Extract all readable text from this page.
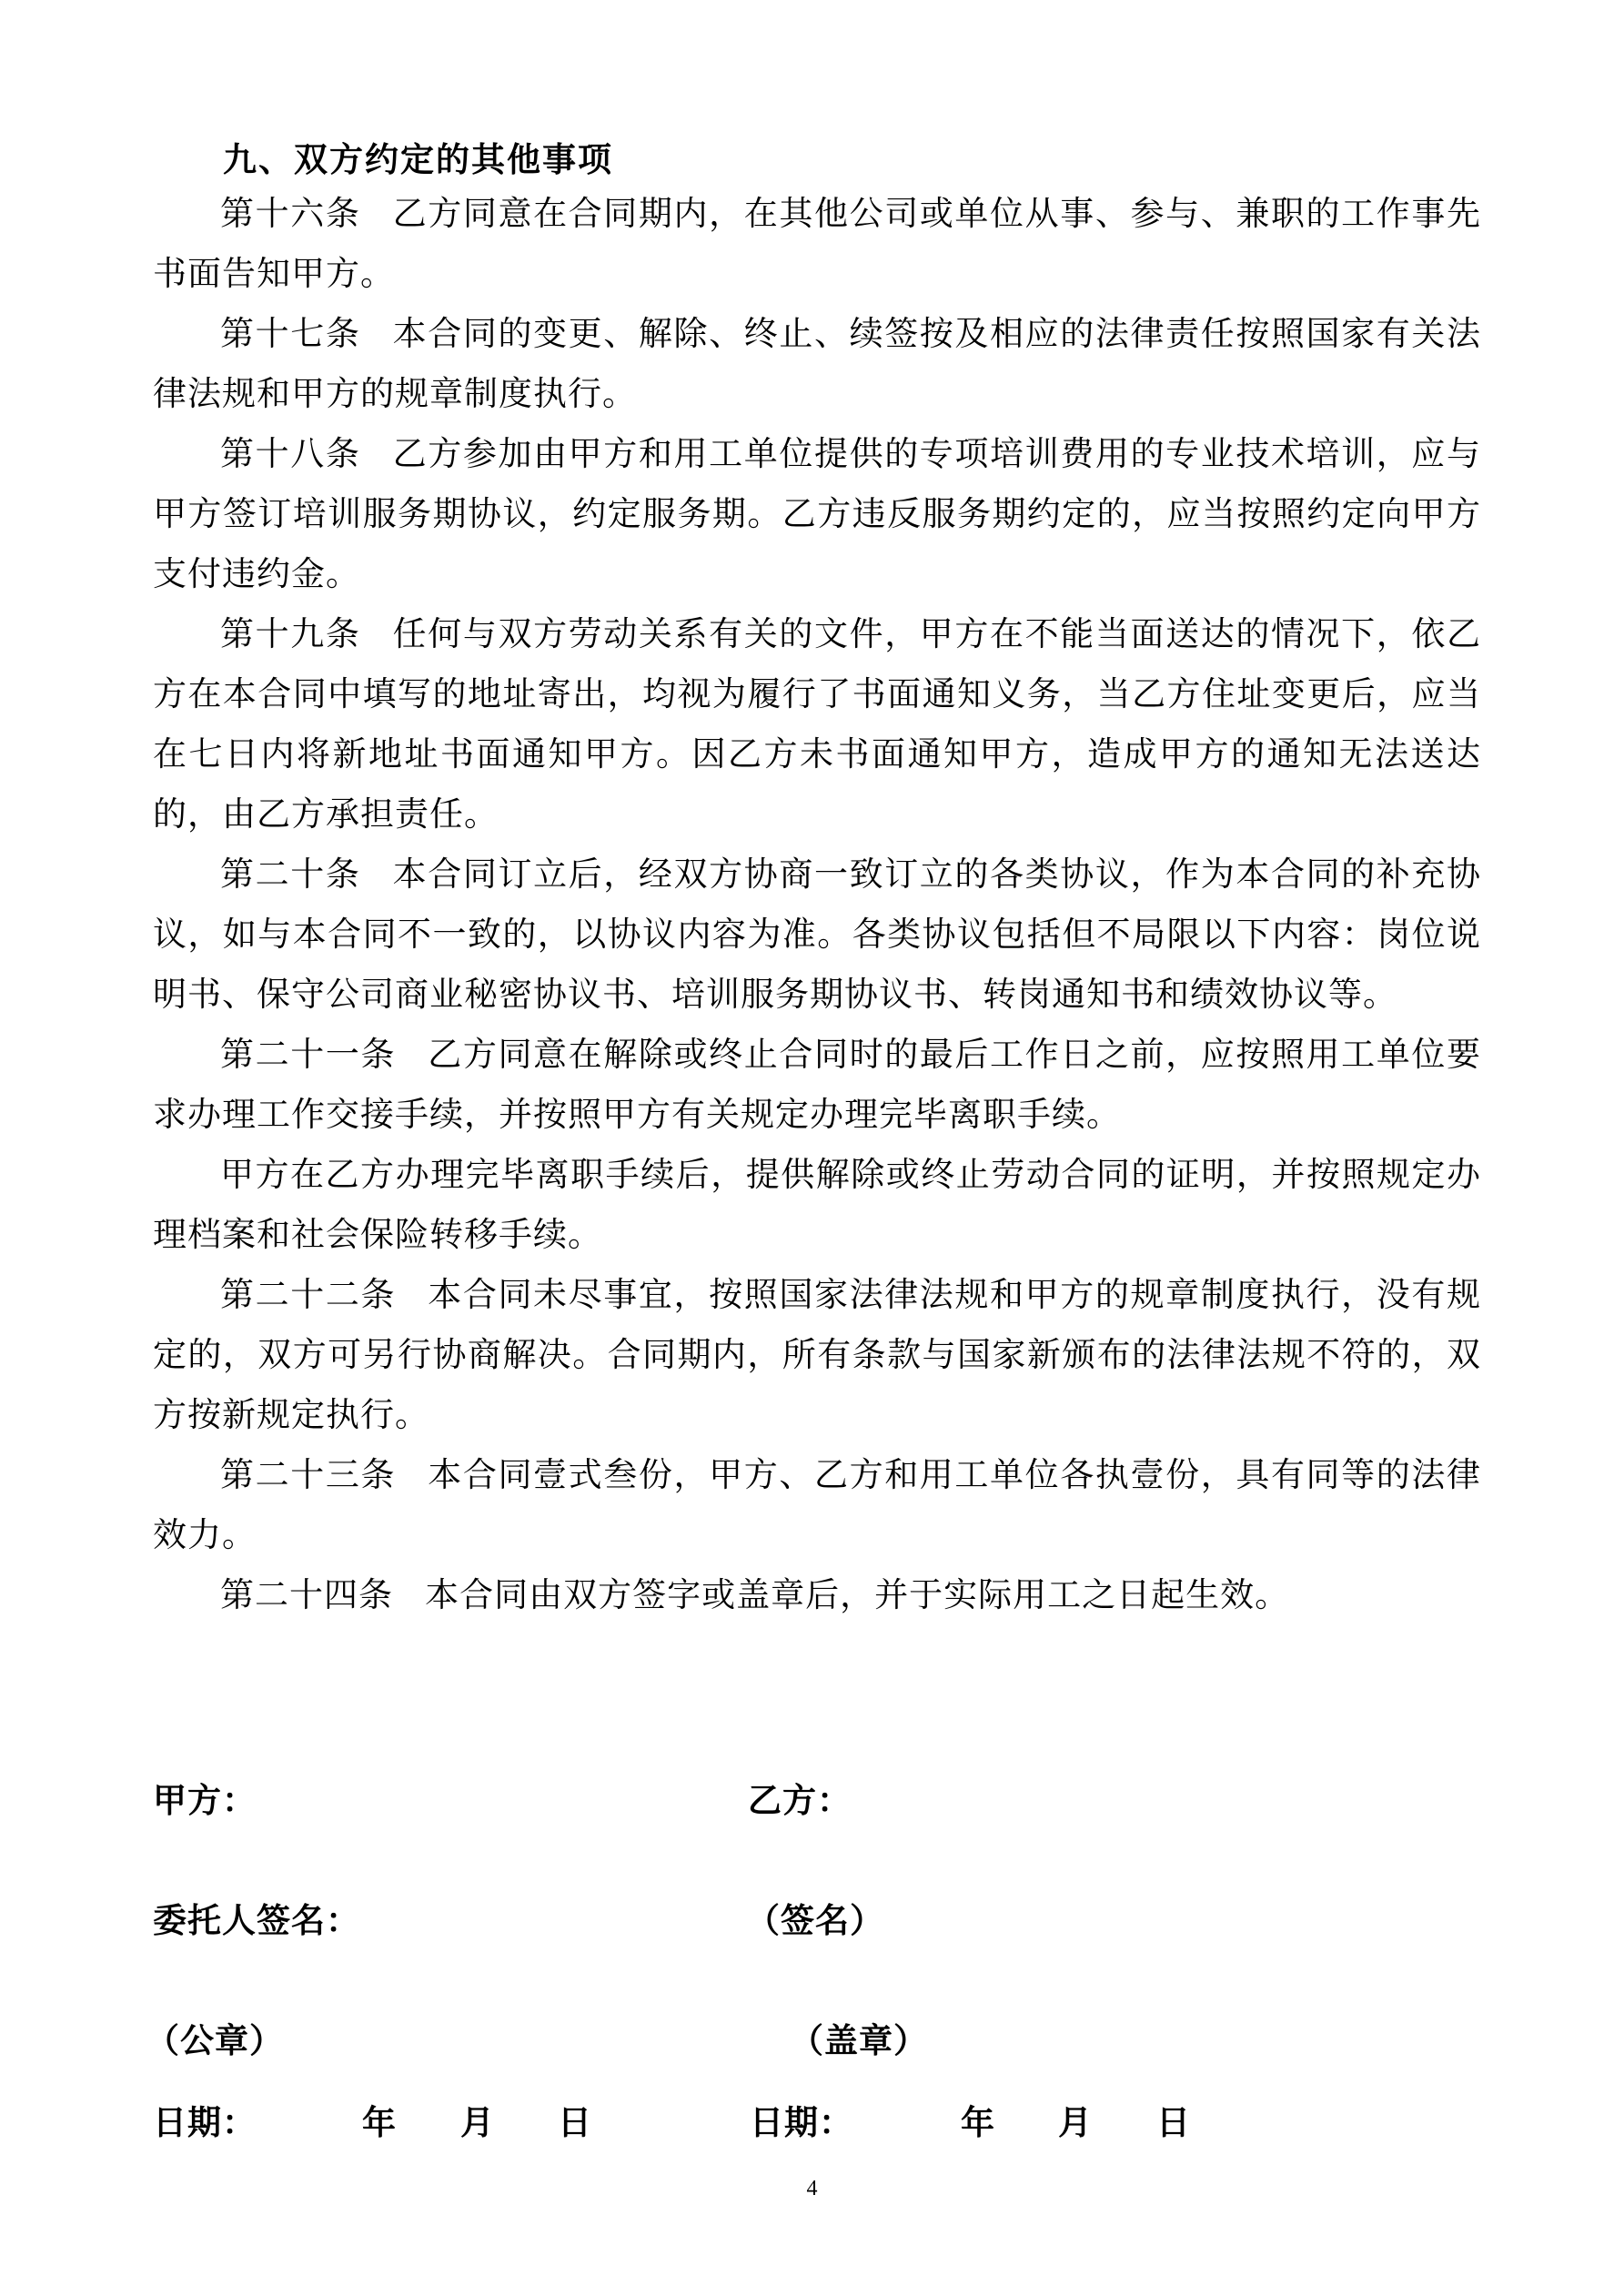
九、双方约定的其他事项

第十六条 乙方同意在合同期内，在其他公司或单位从事、参与、兼职的工作事先书面告知甲方。

第十七条 本合同的变更、解除、终止、续签按及相应的法律责任按照国家有关法律法规和甲方的规章制度执行。

第十八条 乙方参加由甲方和用工单位提供的专项培训费用的专业技术培训，应与甲方签订培训服务期协议，约定服务期。乙方违反服务期约定的，应当按照约定向甲方支付违约金。

第十九条 任何与双方劳动关系有关的文件，甲方在不能当面送达的情况下，依乙方在本合同中填写的地址寄出，均视为履行了书面通知义务，当乙方住址变更后，应当在七日内将新地址书面通知甲方。因乙方未书面通知甲方，造成甲方的通知无法送达的，由乙方承担责任。

第二十条 本合同订立后，经双方协商一致订立的各类协议，作为本合同的补充协议，如与本合同不一致的，以协议内容为准。各类协议包括但不局限以下内容：岗位说明书、保守公司商业秘密协议书、培训服务期协议书、转岗通知书和绩效协议等。

第二十一条 乙方同意在解除或终止合同时的最后工作日之前，应按照用工单位要求办理工作交接手续，并按照甲方有关规定办理完毕离职手续。

甲方在乙方办理完毕离职手续后，提供解除或终止劳动合同的证明，并按照规定办理档案和社会保险转移手续。

第二十二条 本合同未尽事宜，按照国家法律法规和甲方的规章制度执行，没有规定的，双方可另行协商解决。合同期内，所有条款与国家新颁布的法律法规不符的，双方按新规定执行。

第二十三条 本合同壹式叁份，甲方、乙方和用工单位各执壹份，具有同等的法律效力。

第二十四条 本合同由双方签字或盖章后，并于实际用工之日起生效。

甲方：	乙方：
委托人签名：	（签名）
（公章）	（盖章）
日期：	年 月 日	日期：	年 月 日
4
